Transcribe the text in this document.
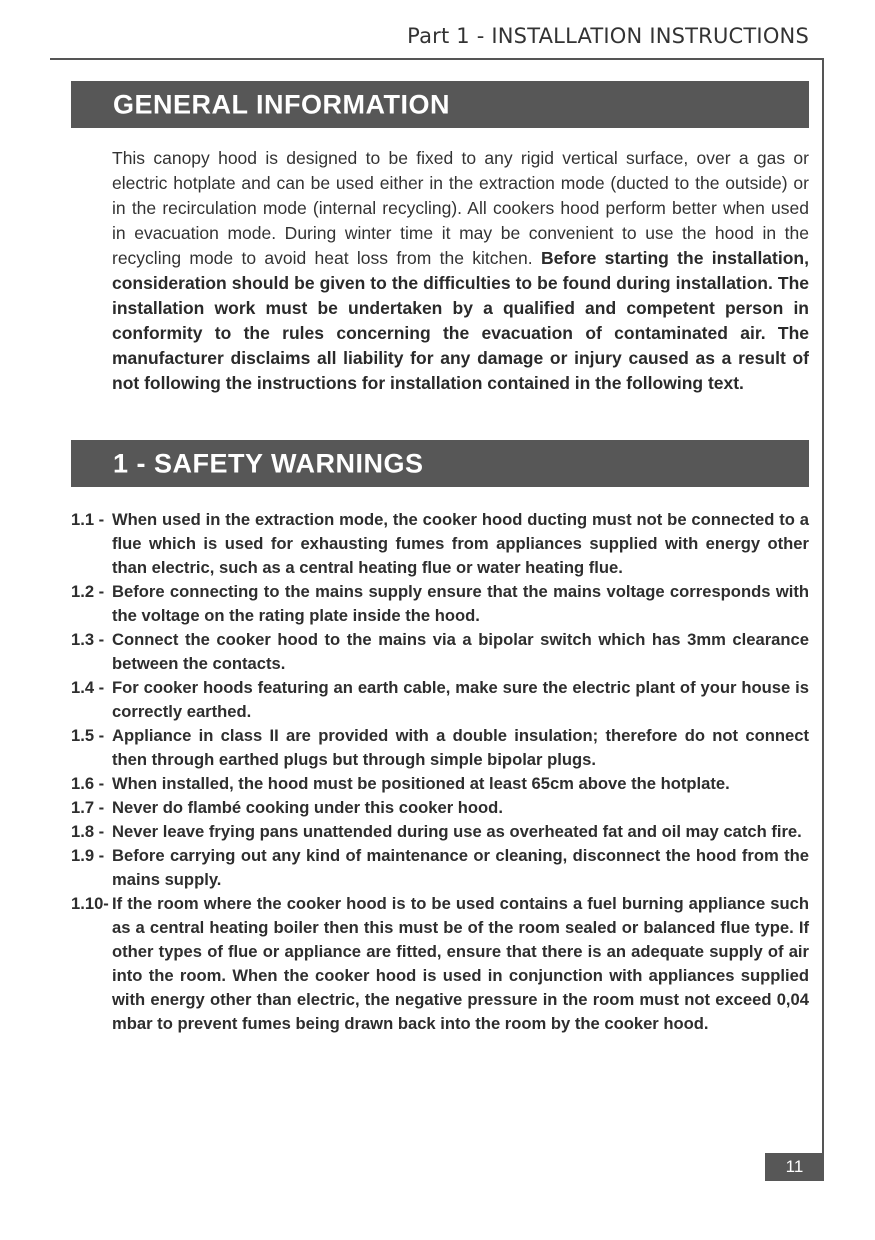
Part 1 - INSTALLATION INSTRUCTIONS
GENERAL INFORMATION
This canopy hood is designed to be fixed to any rigid vertical surface, over a gas or electric hotplate and can be used either in the extraction mode (ducted to the outside) or in the recirculation mode (internal recycling). All cookers hood perform better when used in evacuation mode. During winter time it may be convenient to use the hood in the recycling mode to avoid heat loss from the kitchen. Before starting the installation, consideration should be given to the difficulties to be found during installation. The installation work must be undertaken by a qualified and competent person in conformity to the rules concerning the evacuation of contaminated air. The manufacturer disclaims all liability for any damage or injury caused as a result of not following the instructions for installation contained in the following text.
1 - SAFETY WARNINGS
1.1 - When used in the extraction mode, the cooker hood ducting must not be connected to a flue which is used for exhausting fumes from appliances supplied with energy other than electric, such as a central heating flue or water heating flue.
1.2 - Before connecting to the mains supply ensure that the mains voltage corresponds with the voltage on the rating plate inside the hood.
1.3 - Connect the cooker hood to the mains via a bipolar switch which has 3mm clearance between the contacts.
1.4 - For cooker hoods featuring an earth cable, make sure the electric plant of your house is correctly earthed.
1.5 - Appliance in class II are provided with a double insulation; therefore do not connect then through earthed plugs but through simple bipolar plugs.
1.6 - When installed, the hood must be positioned at least 65cm above the hotplate.
1.7 - Never do flambé cooking under this cooker hood.
1.8 - Never leave frying pans unattended during use as overheated fat and oil may catch fire.
1.9 - Before carrying out any kind of maintenance or cleaning, disconnect the hood from the mains supply.
1.10- If the room where the cooker hood is to be used contains a fuel burning appliance such as a central heating boiler then this must be of the room sealed or balanced flue type. If other types of flue or appliance are fitted, ensure that there is an adequate supply of air into the room. When the cooker hood is used in conjunction with appliances supplied with energy other than electric, the negative pressure in the room must not exceed 0,04 mbar to prevent fumes being drawn back into the room by the cooker hood.
11
